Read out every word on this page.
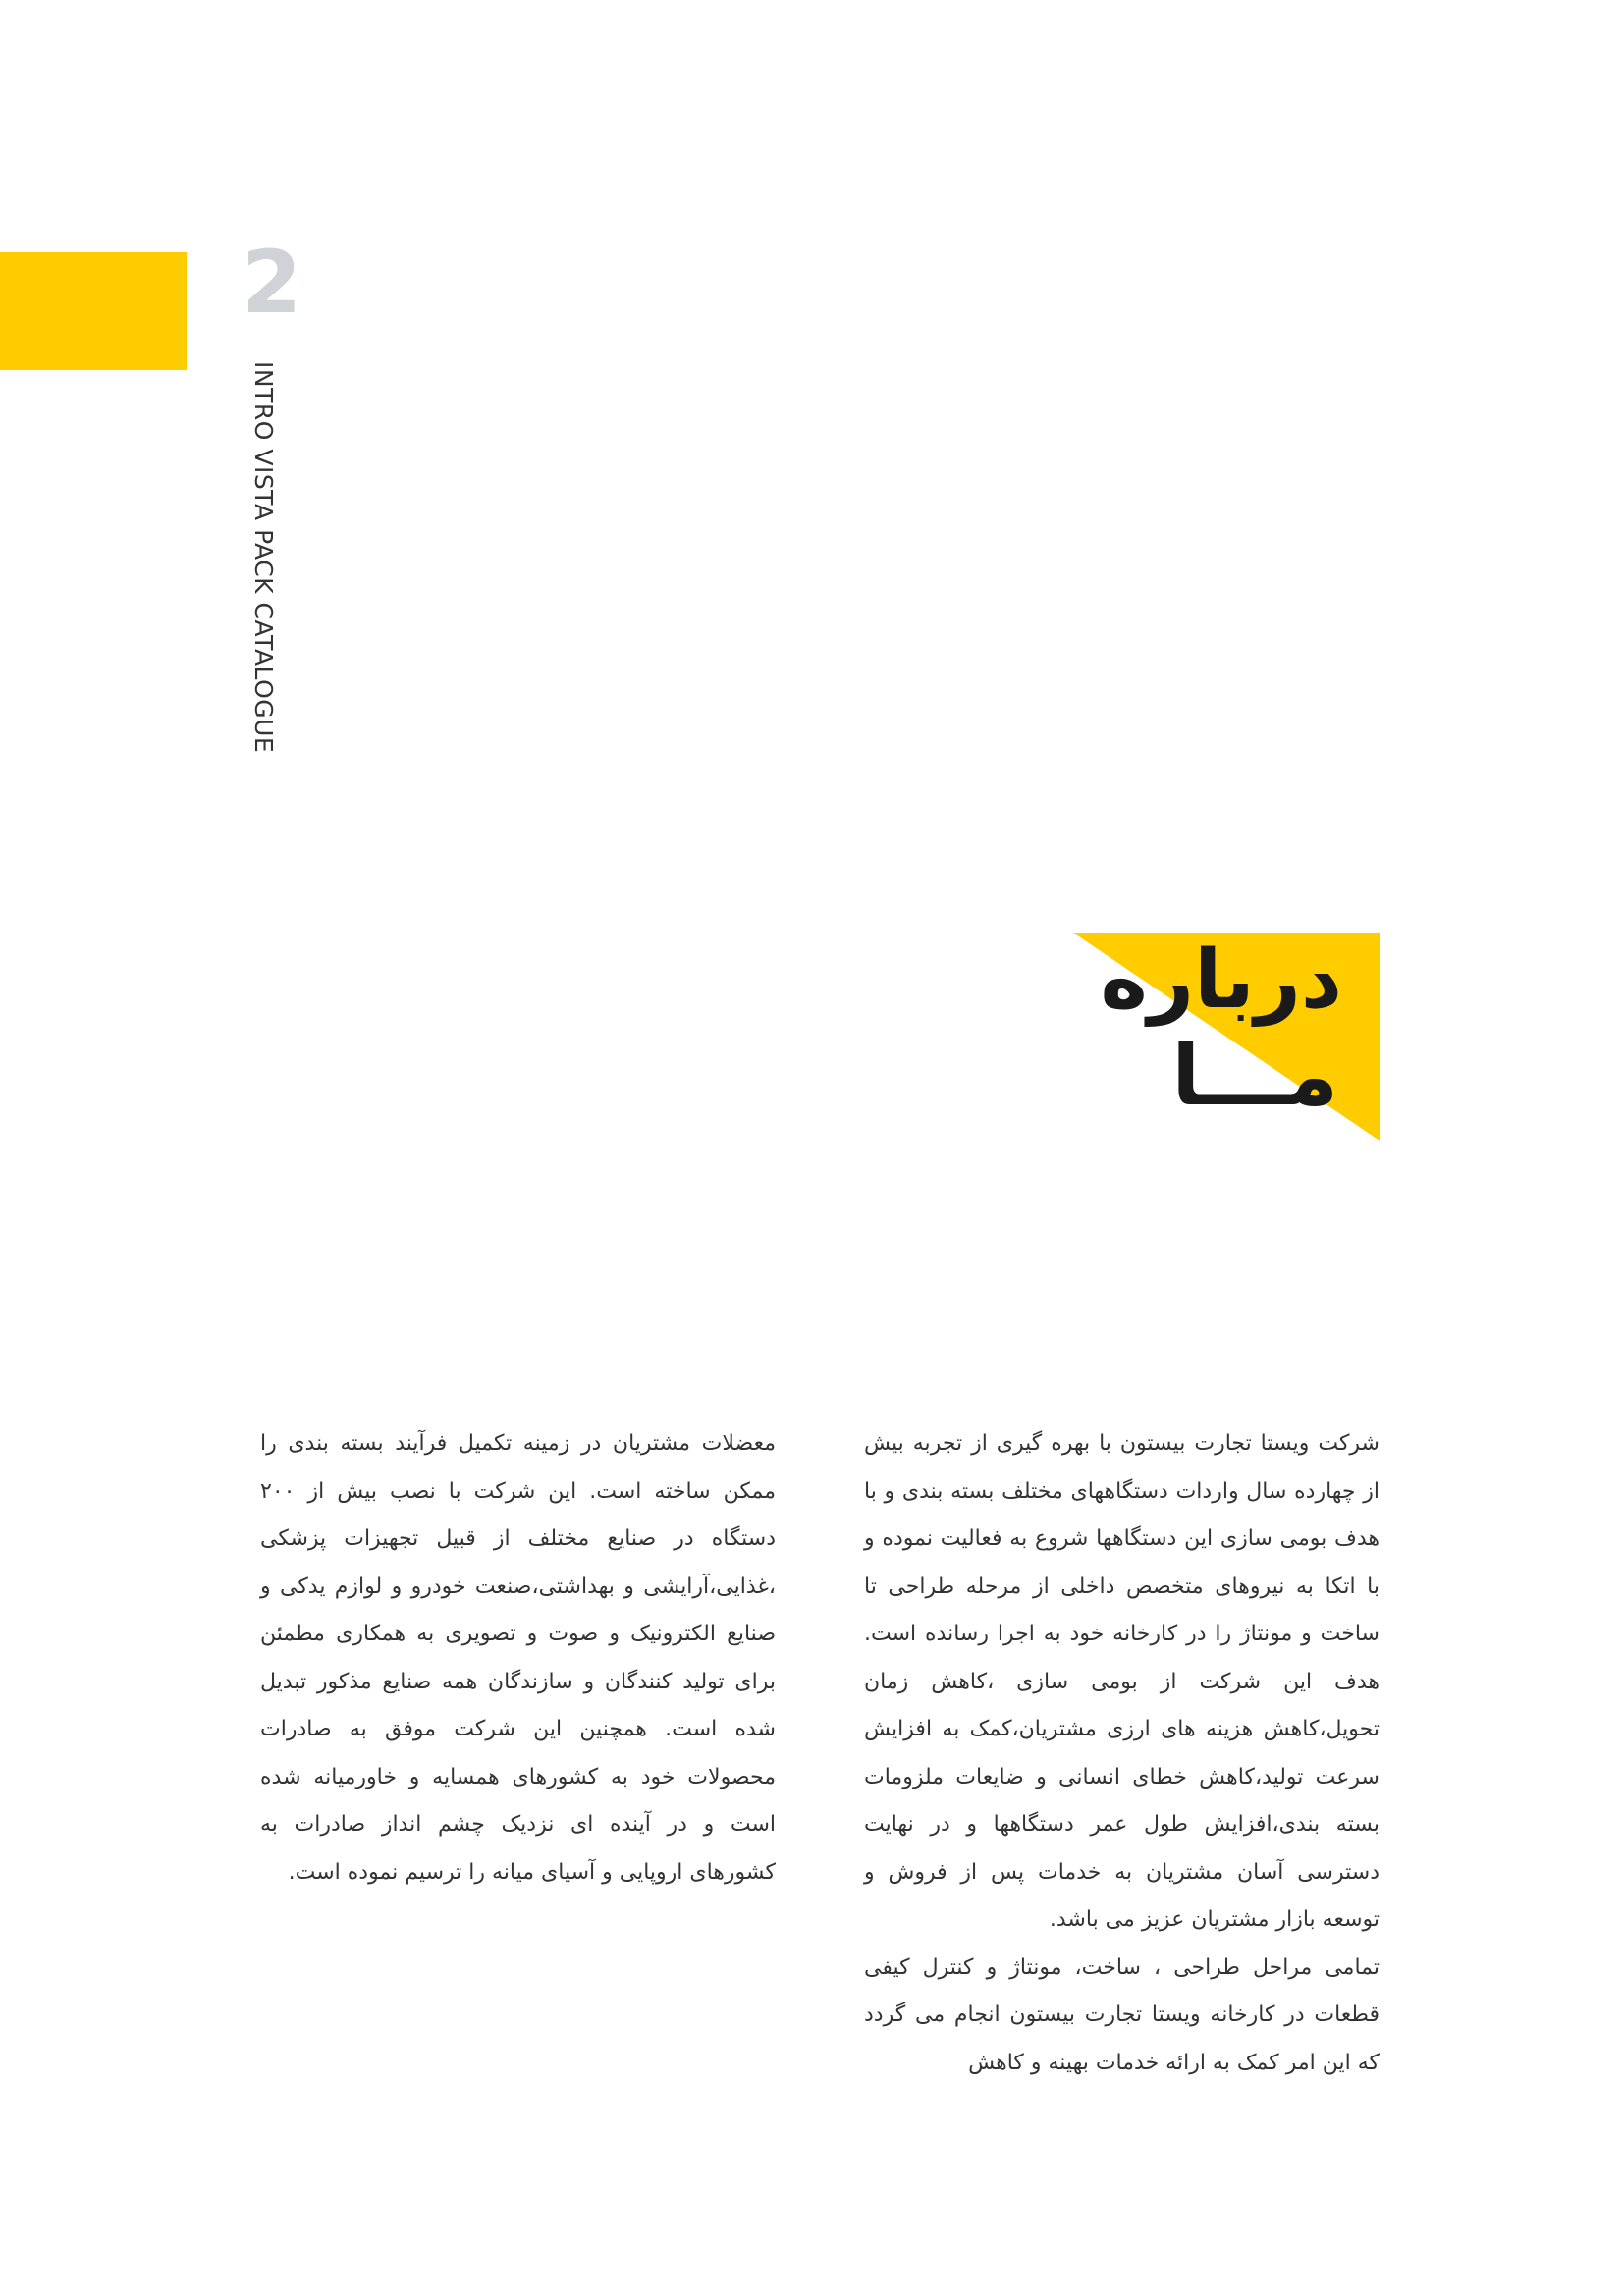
2
INTRO VISTA PACK CATALOGUE
درباره
مـــا

شرکت ویستا تجارت بیستون با بهره گیری از تجربه بیش از چهارده سال واردات دستگاههای مختلف بسته بندی و با هدف بومی سازی این دستگاهها شروع به فعالیت نموده و با اتکا به نیروهای متخصص داخلی از مرحله طراحی تا ساخت و مونتاژ را در کارخانه خود به اجرا رسانده است. هدف این شرکت از بومی سازی ،کاهش زمان تحویل،کاهش هزینه های ارزی مشتریان،کمک به افزایش سرعت تولید،کاهش خطای انسانی و ضایعات ملزومات بسته بندی،افزایش طول عمر دستگاهها و در نهایت دسترسی آسان مشتریان به خدمات پس از فروش و توسعه بازار مشتریان عزیز می باشد.

تمامی مراحل طراحی ، ساخت، مونتاژ و کنترل کیفی قطعات در کارخانه ویستا تجارت بیستون انجام می گردد که این امر کمک به ارائه خدمات بهینه و کاهش

معضلات مشتریان در زمینه تکمیل فرآیند بسته بندی را ممکن ساخته است. این شرکت با نصب بیش از ۲۰۰ دستگاه در صنایع مختلف از قبیل تجهیزات پزشکی ،غذایی،آرایشی و بهداشتی،صنعت خودرو و لوازم یدکی و صنایع الکترونیک و صوت و تصویری به همکاری مطمئن برای تولید کنندگان و سازندگان همه صنایع مذکور تبدیل شده است. همچنین این شرکت موفق به صادرات محصولات خود به کشورهای همسایه و خاورمیانه شده است و در آینده ای نزدیک چشم انداز صادرات به کشورهای اروپایی و آسیای میانه را ترسیم نموده است.
